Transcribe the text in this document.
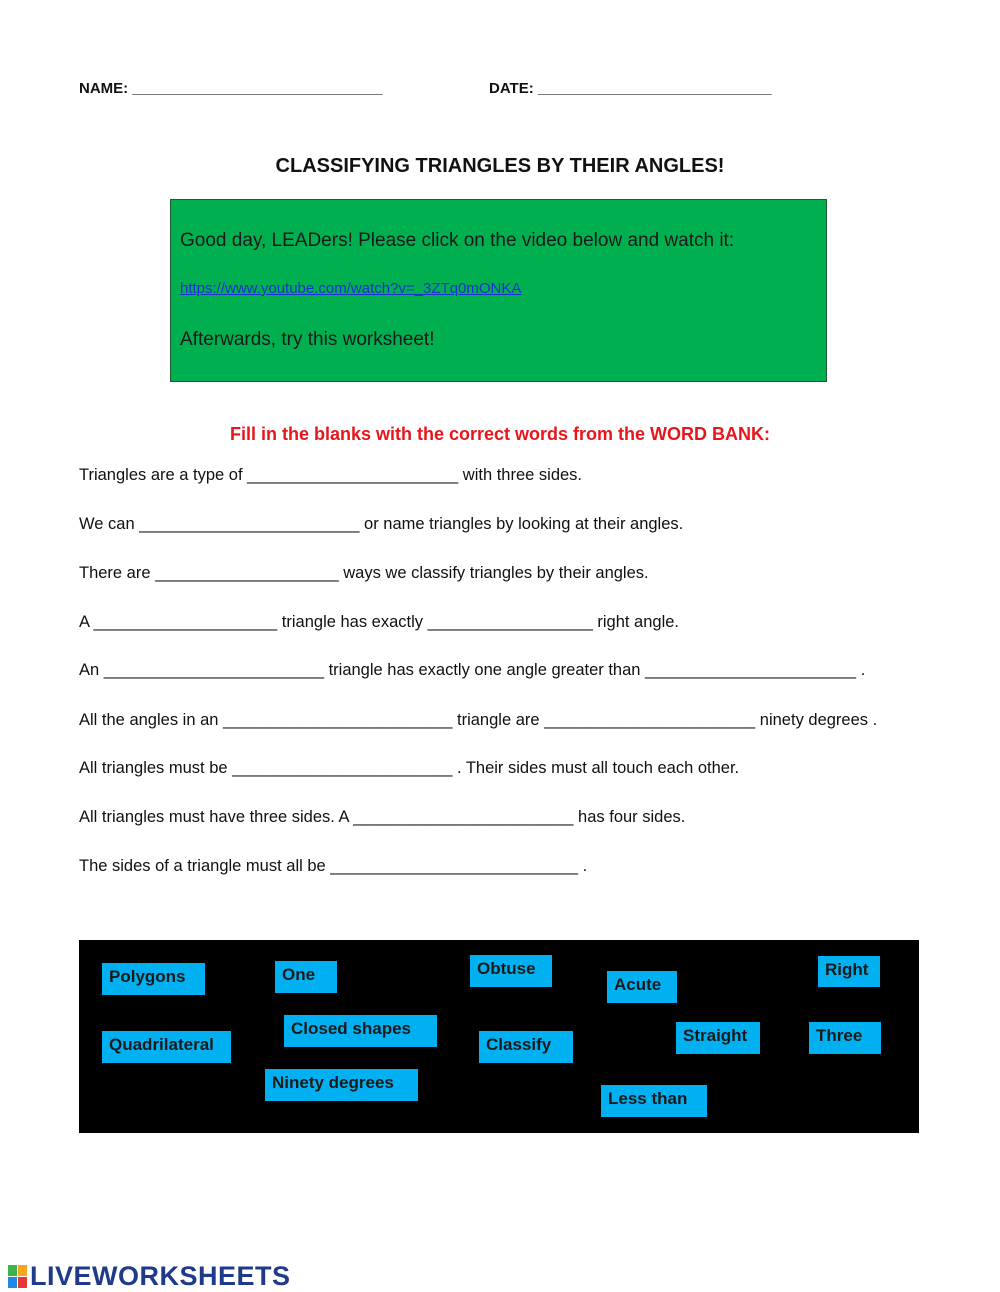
NAME: ______________________________	DATE: ____________________________
CLASSIFYING TRIANGLES BY THEIR ANGLES!
Good day, LEADers! Please click on the video below and watch it:
https://www.youtube.com/watch?v=_3ZTq0mONKA
Afterwards, try this worksheet!
Fill in the blanks with the correct words from the WORD BANK:
Triangles are a type of _______________________ with three sides.
We can ________________________ or name triangles by looking at their angles.
There are ____________________ ways we classify triangles by their angles.
A ____________________ triangle has exactly __________________ right angle.
An ________________________ triangle has exactly one angle greater than _______________________ .
All the angles in an _________________________ triangle are _______________________ ninety degrees .
All triangles must be ________________________ . Their sides must all touch each other.
All triangles must have three sides. A ________________________ has four sides.
The sides of a triangle must all be ___________________________ .
Polygons	One	Obtuse
Acute
Right
Quadrilateral
Closed shapes
Classify	Straight	Three
Ninety degrees
Less than
LIVEWORKSHEETS
